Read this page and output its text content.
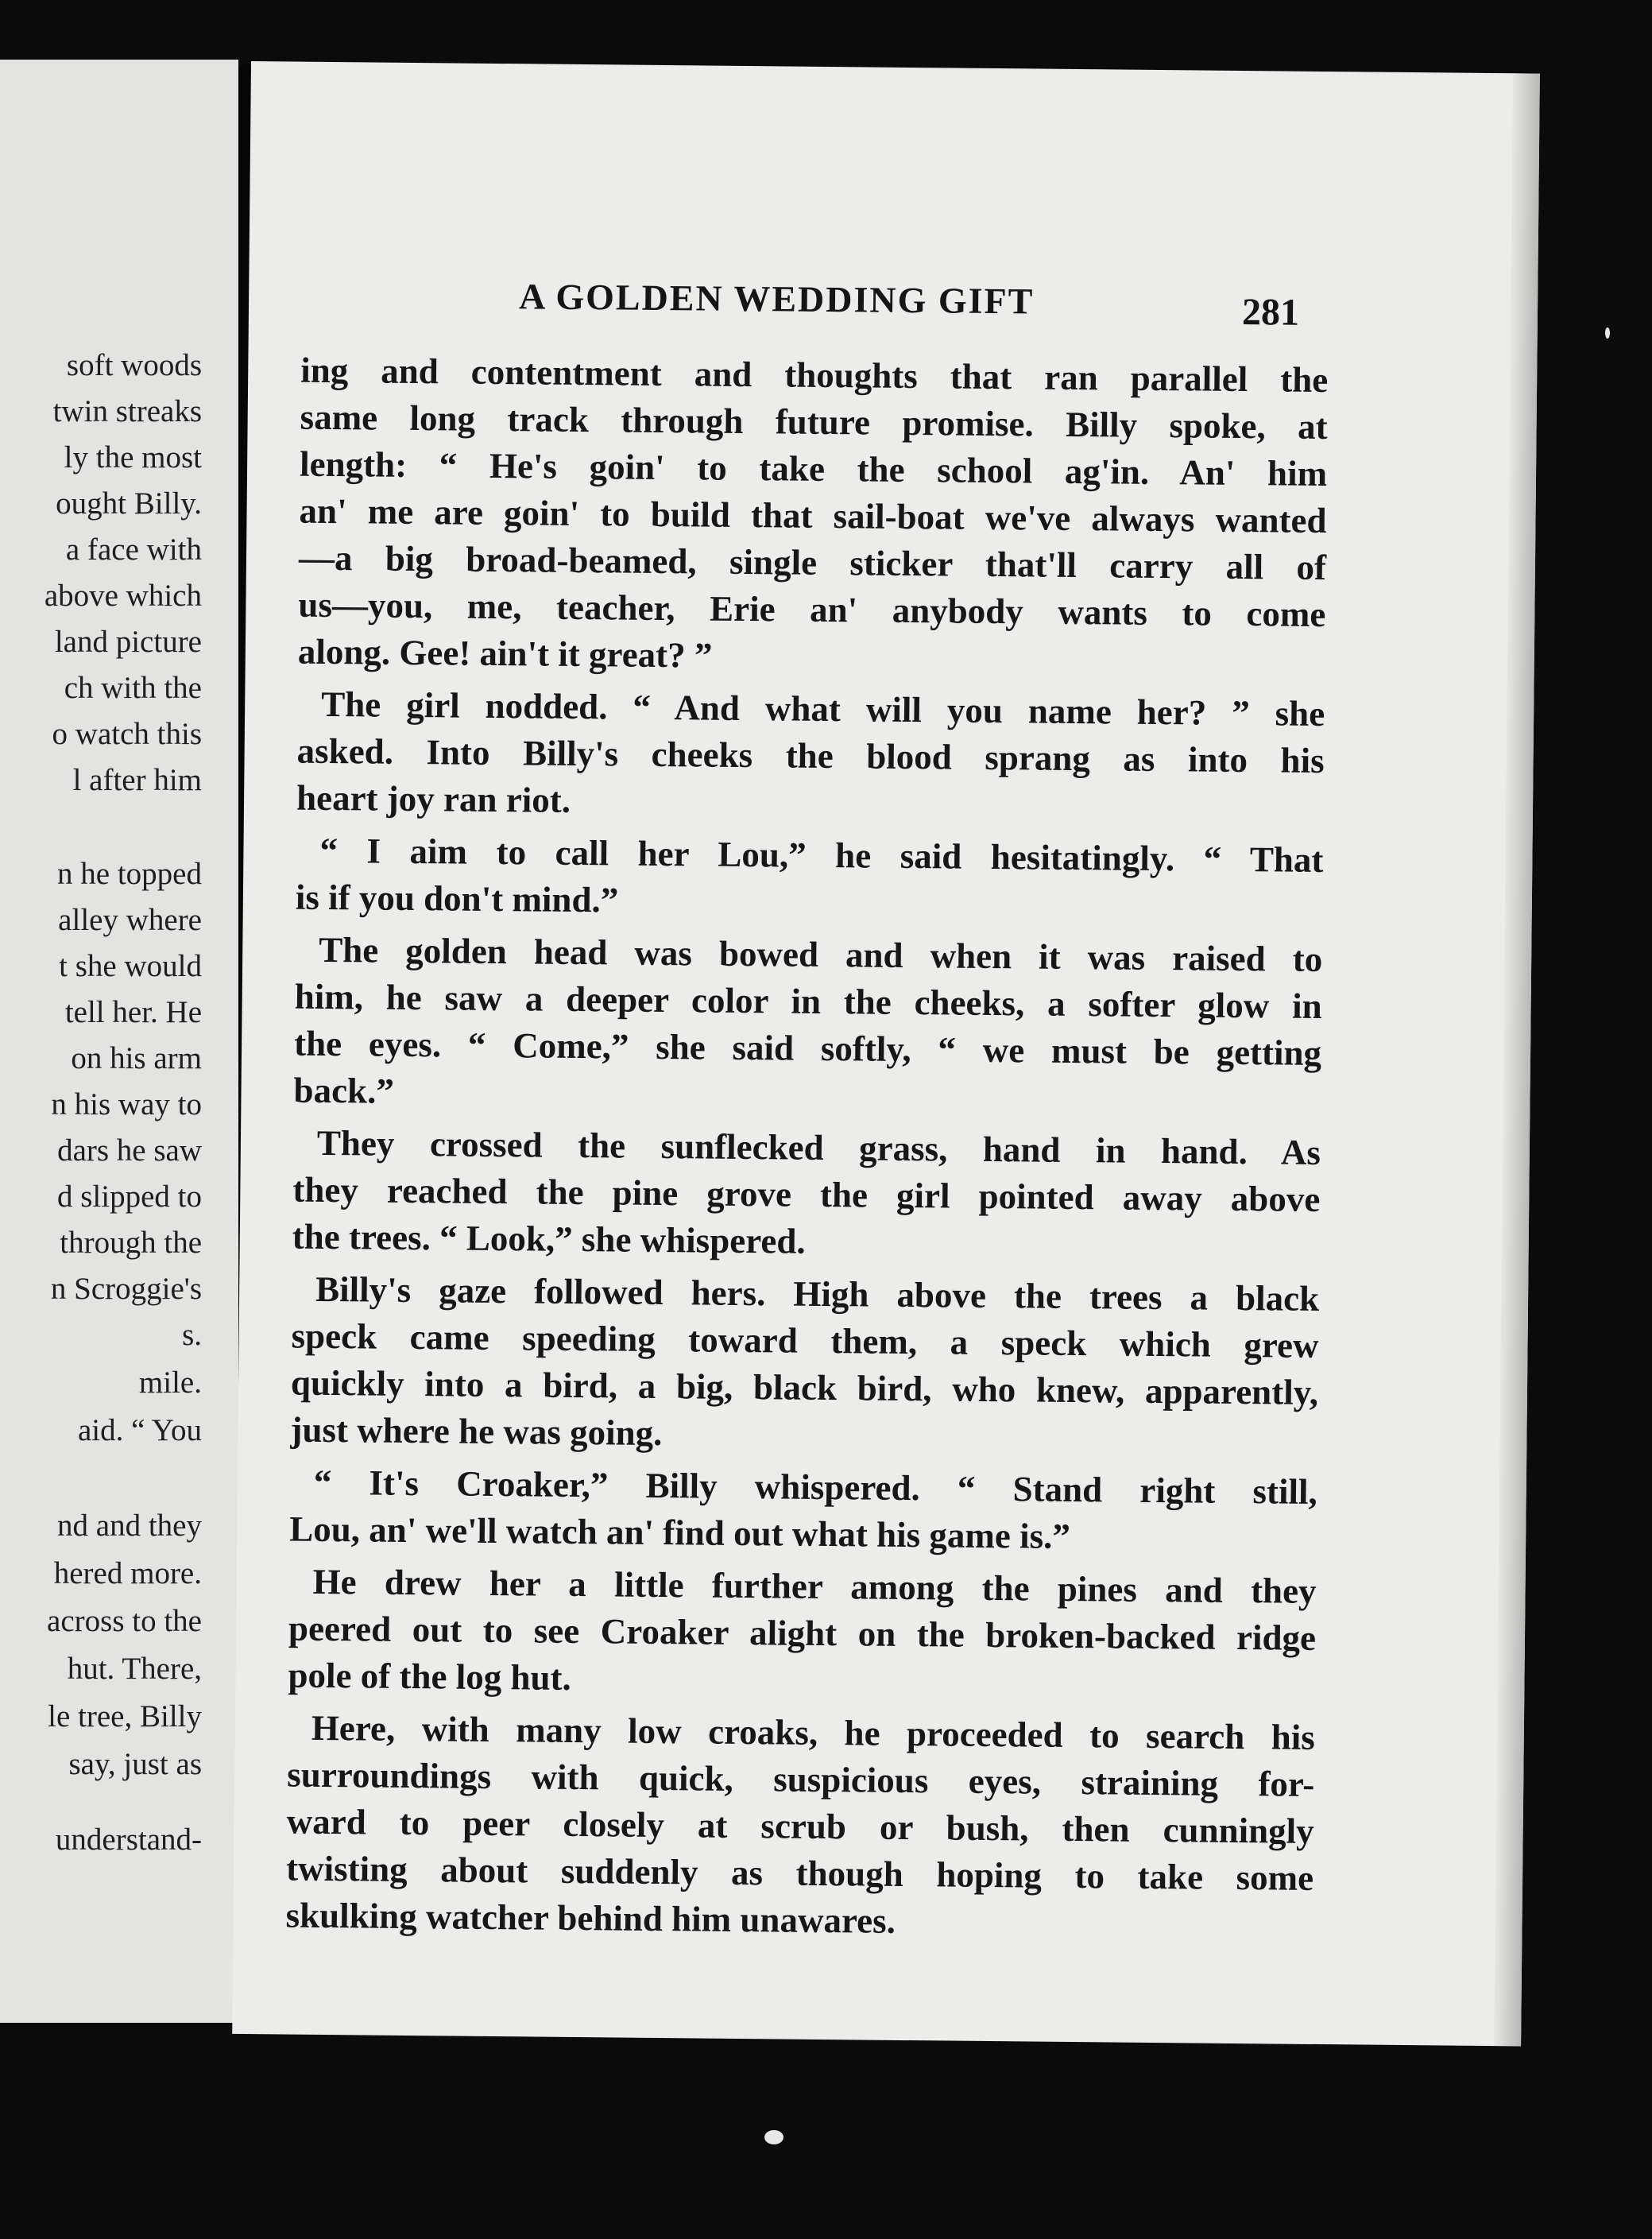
soft woods
twin streaks
ly the most
ought Billy.
a face with
above which
land picture
ch with the
o watch this
l after him
n he topped
alley where
t she would
tell her. He
on his arm
n his way to
dars he saw
d slipped to
through the
n Scroggie's
s.
mile.
aid. “ You
nd and they
hered more.
across to the
hut. There,
le tree, Billy
say, just as
understand-
A GOLDEN WEDDING GIFT	281
ing and contentment and thoughts that ran parallel the
same long track through future promise. Billy spoke, at
length: “ He's goin' to take the school ag'in. An' him
an' me are goin' to build that sail-boat we've always wanted
—a big broad-beamed, single sticker that'll carry all of
us—you, me, teacher, Erie an' anybody wants to come
along. Gee! ain't it great? ”
The girl nodded. “ And what will you name her? ” she
asked. Into Billy's cheeks the blood sprang as into his
heart joy ran riot.
“ I aim to call her Lou,” he said hesitatingly. “ That
is if you don't mind.”
The golden head was bowed and when it was raised to
him, he saw a deeper color in the cheeks, a softer glow in
the eyes. “ Come,” she said softly, “ we must be getting
back.”
They crossed the sunflecked grass, hand in hand. As
they reached the pine grove the girl pointed away above
the trees. “ Look,” she whispered.
Billy's gaze followed hers. High above the trees a black
speck came speeding toward them, a speck which grew
quickly into a bird, a big, black bird, who knew, apparently,
just where he was going.
“ It's Croaker,” Billy whispered. “ Stand right still,
Lou, an' we'll watch an' find out what his game is.”
He drew her a little further among the pines and they
peered out to see Croaker alight on the broken-backed ridge
pole of the log hut.
Here, with many low croaks, he proceeded to search his
surroundings with quick, suspicious eyes, straining for-
ward to peer closely at scrub or bush, then cunningly
twisting about suddenly as though hoping to take some
skulking watcher behind him unawares.
